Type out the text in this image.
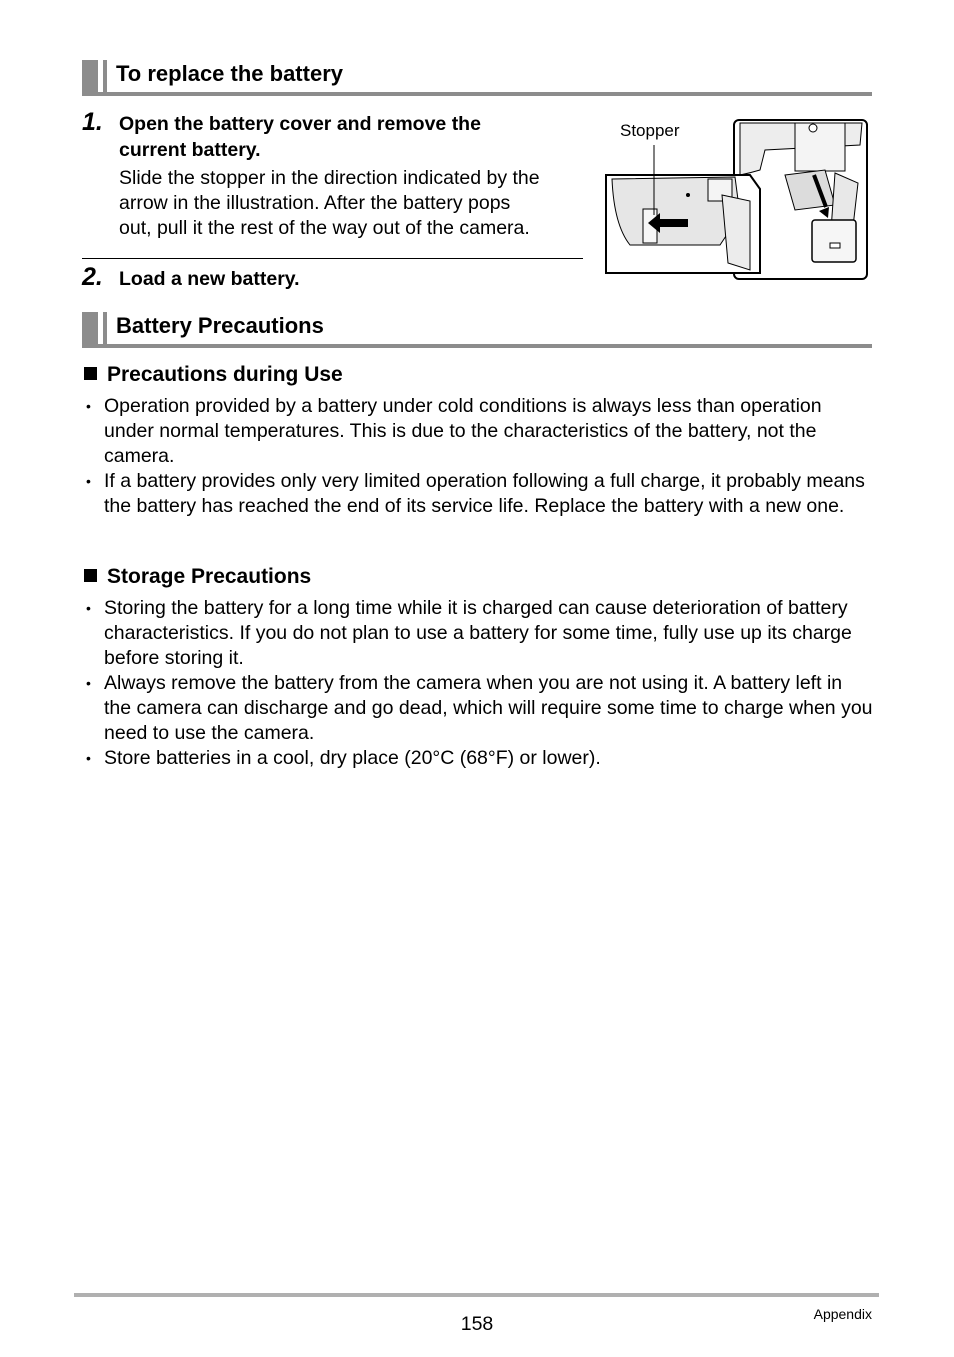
To replace the battery
1. Open the battery cover and remove the
current battery.
Slide the stopper in the direction indicated by the
arrow in the illustration. After the battery pops
out, pull it the rest of the way out of the camera.
2. Load a new battery.
Stopper
Battery Precautions
Precautions during Use
• Operation provided by a battery under cold conditions is always less than operation under normal temperatures. This is due to the characteristics of the battery, not the camera.
• If a battery provides only very limited operation following a full charge, it probably means the battery has reached the end of its service life. Replace the battery with a new one.
Storage Precautions
• Storing the battery for a long time while it is charged can cause deterioration of battery characteristics. If you do not plan to use a battery for some time, fully use up its charge before storing it.
• Always remove the battery from the camera when you are not using it. A battery left in the camera can discharge and go dead, which will require some time to charge when you need to use the camera.
• Store batteries in a cool, dry place (20°C (68°F) or lower).
158	Appendix
